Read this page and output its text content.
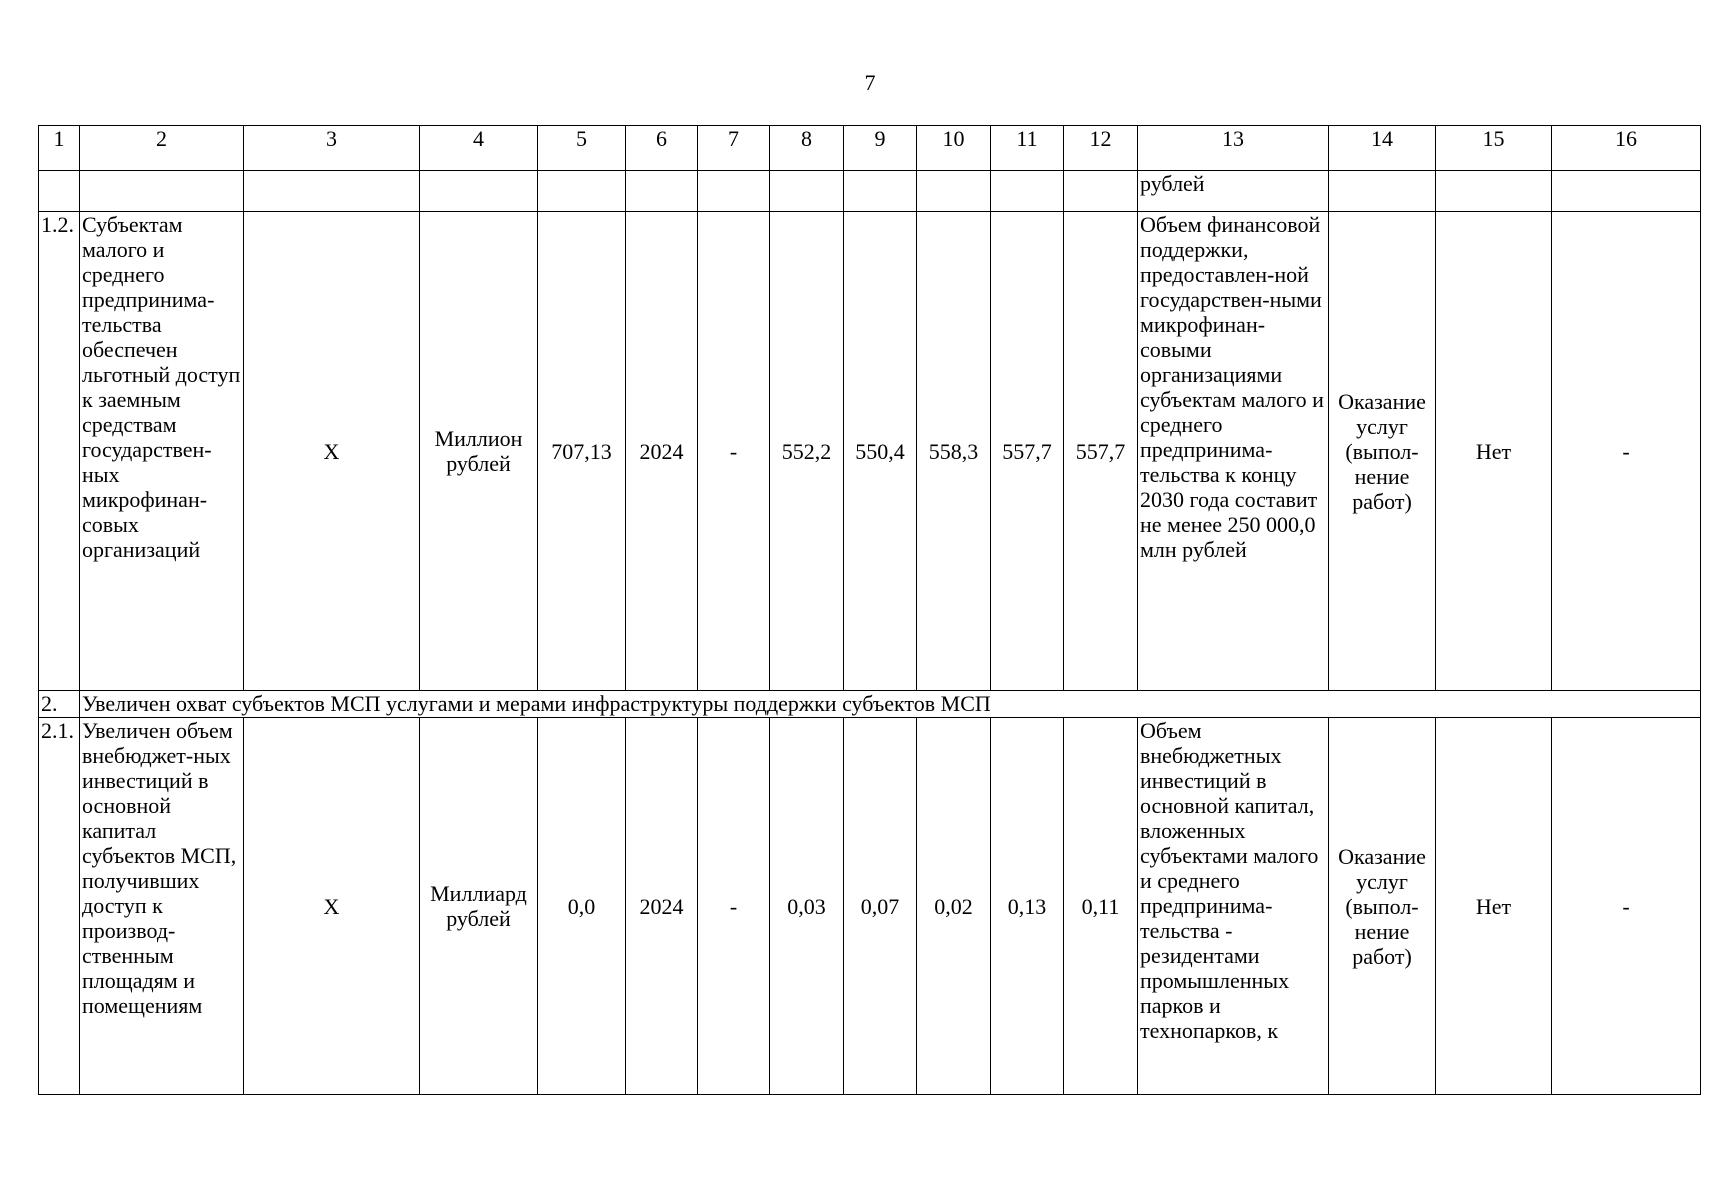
7
1	2	3	4	5	6	7	8	9	10	11	12	13	14	15	16
												рублей			
1.2.	Субъектам малого и среднего предпринима-тельства обеспечен льготный доступ к заемным средствам государствен-ных микрофинан-совых организаций	X	Миллион рублей	707,13	2024	-	552,2	550,4	558,3	557,7	557,7	Объем финансовой поддержки, предоставлен-ной государствен-ными микрофинан-совыми организациями субъектам малого и среднего предпринима-тельства к концу 2030 года составит не менее 250 000,0 млн рублей	Оказание услуг (выпол-нение работ)	Нет	-
2.	Увеличен охват субъектов МСП услугами и мерами инфраструктуры поддержки субъектов МСП														
2.1.	Увеличен объем внебюджет-ных инвестиций в основной капитал субъектов МСП, получивших доступ к производ-ственным площадям и помещениям	X	Миллиард рублей	0,0	2024	-	0,03	0,07	0,02	0,13	0,11	Объем внебюджетных инвестиций в основной капитал, вложенных субъектами малого и среднего предпринима-тельства - резидентами промышленных парков и технопарков, к	Оказание услуг (выпол-нение работ)	Нет	-
